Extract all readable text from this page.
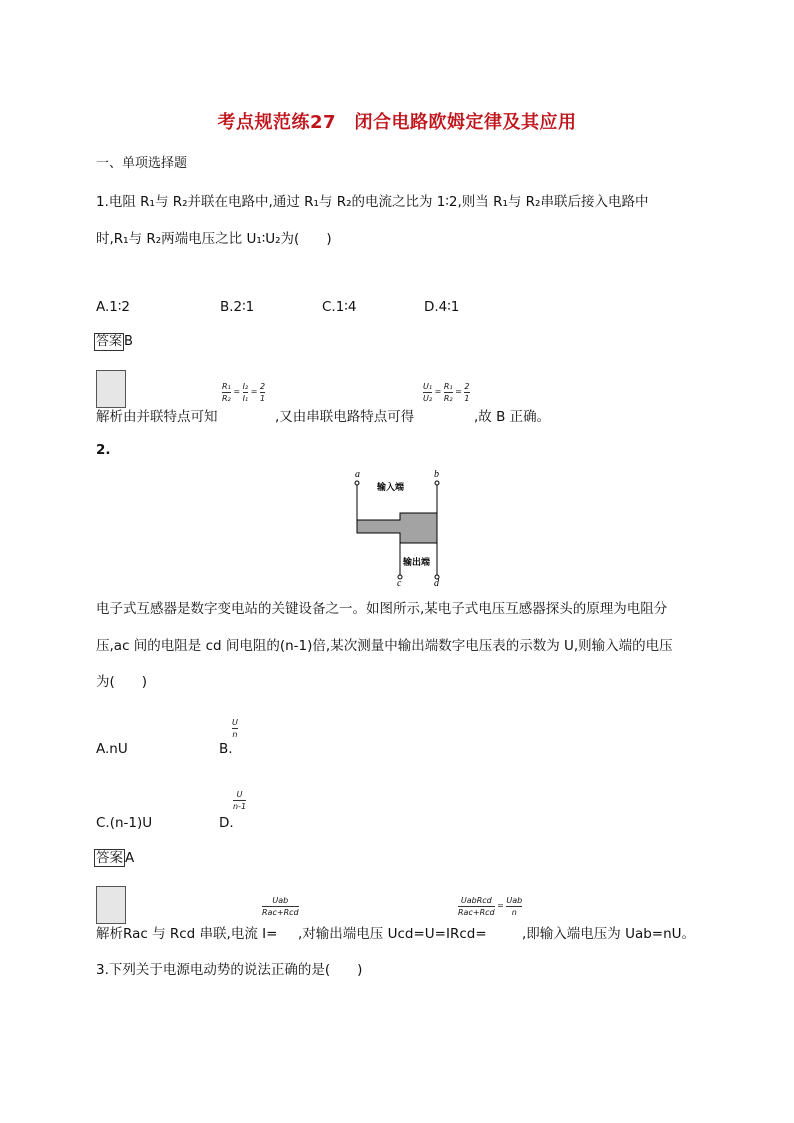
考点规范练27　闭合电路欧姆定律及其应用
一、单项选择题
1.电阻 R₁与 R₂并联在电路中,通过 R₁与 R₂的电流之比为 1∶2,则当 R₁与 R₂串联后接入电路中
时,R₁与 R₂两端电压之比 U₁∶U₂为(　　)
A.1∶2	B.2∶1	C.1∶4	D.4∶1
答案 B
解析由并联特点可知
$\frac{\text{R₁}}{\text{R₂}} = \frac{\text{I₂}}{\text{I₁}} = \frac{2}{1}$
,又由串联电路特点可得
$\frac{\text{U₁}}{\text{U₂}} = \frac{\text{R₁}}{\text{R₂}} = \frac{2}{1}$
,故 B 正确。
2.
a	b
c	d
输入端
输出端
电子式互感器是数字变电站的关键设备之一。如图所示,某电子式电压互感器探头的原理为电阻分
压,ac 间的电阻是 cd 间电阻的(n-1)倍,某次测量中输出端数字电压表的示数为 U,则输入端的电压
为(　　)
A.nU	B.
$\frac{U}{n}$
C.(n-1)U	D.
$\frac{U}{n-1}$
答案 A
解析Rac 与 Rcd 串联,电流 I=
$\frac{\text{Uab}}{\text{Rac+Rcd}}$
,对输出端电压 Ucd=U=IRcd=
$\frac{\text{UabRcd}}{\text{Rac+Rcd}} = \frac{\text{Uab}}{n}$
,即输入端电压为 Uab=nU。
3.下列关于电源电动势的说法正确的是(　　)
